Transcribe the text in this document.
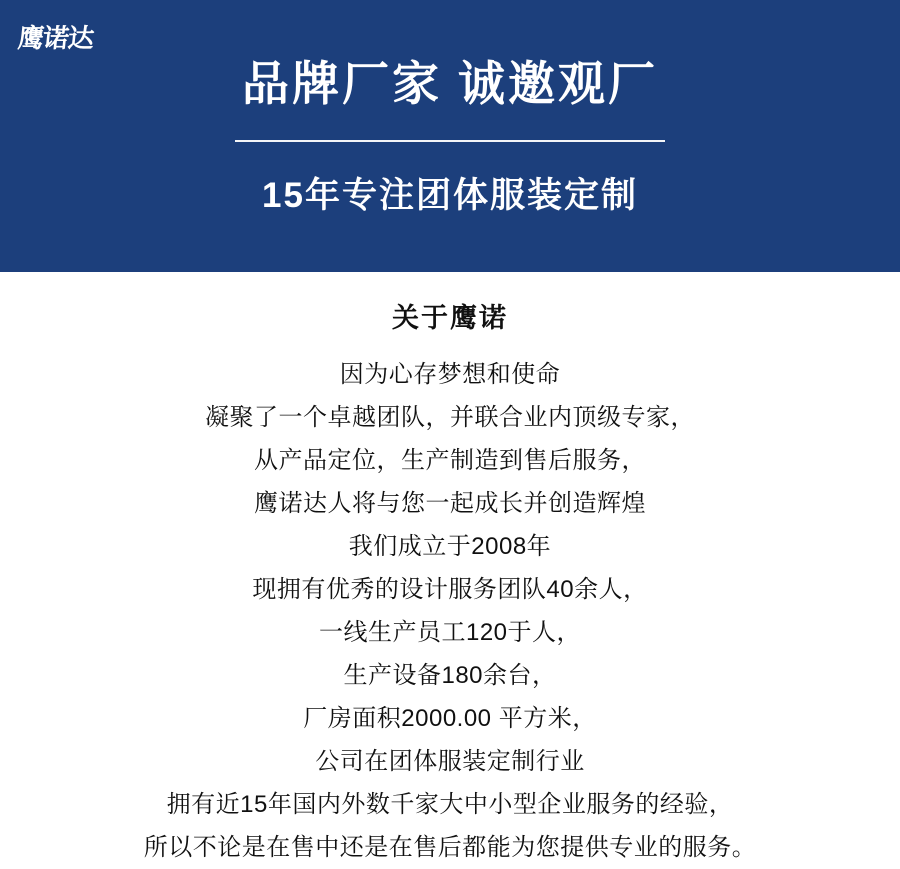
鹰诺达
品牌厂家 诚邀观厂
15年专注团体服装定制
关于鹰诺
因为心存梦想和使命
凝聚了一个卓越团队，并联合业内顶级专家，
从产品定位，生产制造到售后服务，
鹰诺达人将与您一起成长并创造辉煌
我们成立于2008年
现拥有优秀的设计服务团队40余人，
一线生产员工120于人，
生产设备180余台，
厂房面积2000.00 平方米，
公司在团体服装定制行业
拥有近15年国内外数千家大中小型企业服务的经验，
所以不论是在售中还是在售后都能为您提供专业的服务。
